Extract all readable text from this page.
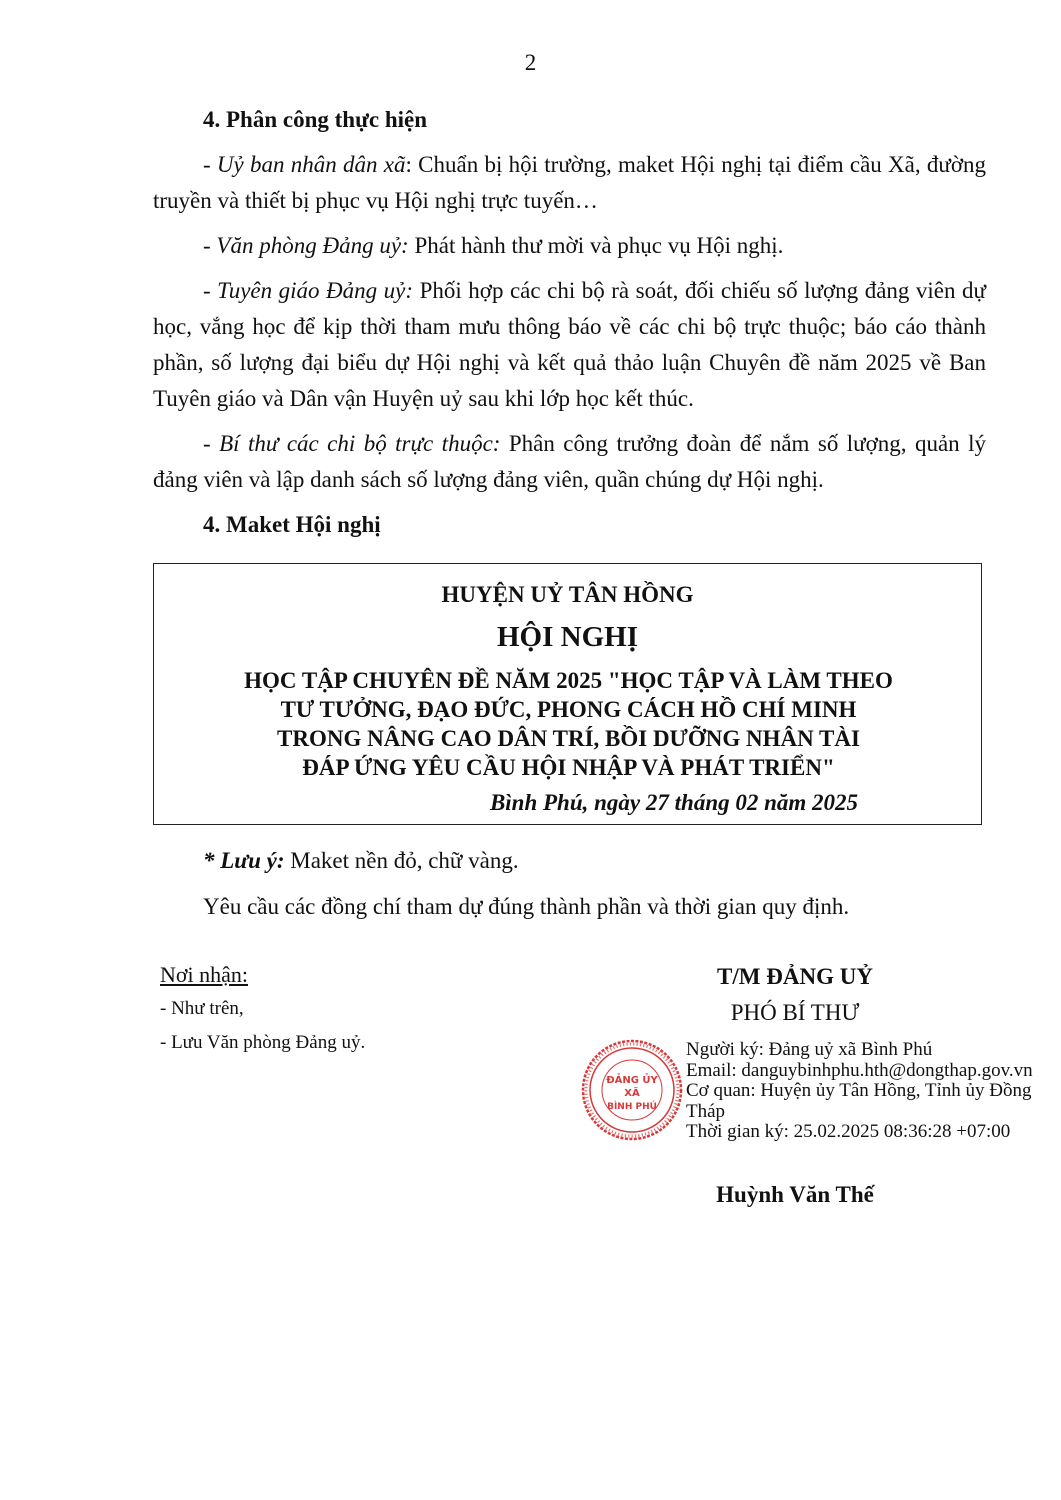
2
4. Phân công thực hiện
- Uỷ ban nhân dân xã: Chuẩn bị hội trường, maket Hội nghị tại điểm cầu Xã, đường truyền và thiết bị phục vụ Hội nghị trực tuyến…
- Văn phòng Đảng uỷ: Phát hành thư mời và phục vụ Hội nghị.
- Tuyên giáo Đảng uỷ: Phối hợp các chi bộ rà soát, đối chiếu số lượng đảng viên dự học, vắng học để kịp thời tham mưu thông báo về các chi bộ trực thuộc; báo cáo thành phần, số lượng đại biểu dự Hội nghị và kết quả thảo luận Chuyên đề năm 2025 về Ban Tuyên giáo và Dân vận Huyện uỷ sau khi lớp học kết thúc.
- Bí thư các chi bộ trực thuộc: Phân công trưởng đoàn để nắm số lượng, quản lý đảng viên và lập danh sách số lượng đảng viên, quần chúng dự Hội nghị.
4. Maket Hội nghị
HUYỆN UỶ TÂN HỒNG
HỘI NGHỊ
HỌC TẬP CHUYÊN ĐỀ NĂM 2025 "HỌC TẬP VÀ LÀM THEO
TƯ TƯỞNG, ĐẠO ĐỨC, PHONG CÁCH HỒ CHÍ MINH
TRONG NÂNG CAO DÂN TRÍ, BỒI DƯỠNG NHÂN TÀI
ĐÁP ỨNG YÊU CẦU HỘI NHẬP VÀ PHÁT TRIỂN"
Bình Phú, ngày 27 tháng 02 năm 2025
* Lưu ý: Maket nền đỏ, chữ vàng.
Yêu cầu các đồng chí tham dự đúng thành phần và thời gian quy định.
Nơi nhận:
- Như trên,
- Lưu Văn phòng Đảng uỷ.
T/M ĐẢNG UỶ
PHÓ BÍ THƯ
ĐẢNG ỦY
XÃ
BÌNH PHÚ
Người ký: Đảng uỷ xã Bình Phú
Email: danguybinhphu.hth@dongthap.gov.vn
Cơ quan: Huyện ủy Tân Hồng, Tỉnh ủy Đồng
Tháp
Thời gian ký: 25.02.2025 08:36:28 +07:00
Huỳnh Văn Thế
